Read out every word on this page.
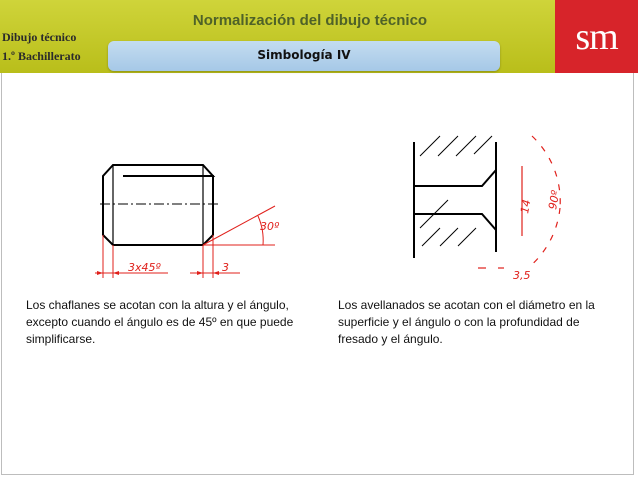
Dibujo técnico
1.º Bachillerato
Normalización del dibujo técnico
Simbología IV	sm
30º
3x45º	3
14 90º
3,5
Los chaflanes se acotan con la altura y el ángulo, excepto cuando el ángulo es de 45º en que puede simplificarse.
Los avellanados se acotan con el diámetro en la superficie y el ángulo o con la profundidad de fresado y el ángulo.
